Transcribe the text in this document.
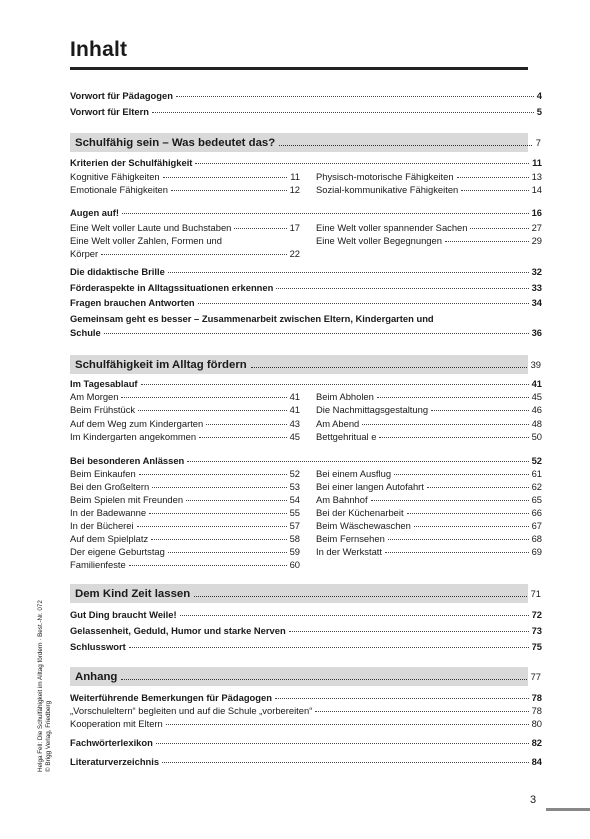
Inhalt
Vorwort für Pädagogen	4
Vorwort für Eltern	5
Schulfähig sein – Was bedeutet das?	7
Kriterien der Schulfähigkeit	11
Kognitive Fähigkeiten	11
Emotionale Fähigkeiten	12
Physisch-motorische Fähigkeiten	13
Sozial-kommunikative Fähigkeiten	14
Augen auf!	16
Eine Welt voller Laute und Buchstaben	17
Eine Welt voller Zahlen, Formen und
Körper	22
Eine Welt voller spannender Sachen	27
Eine Welt voller Begegnungen	29
Die didaktische Brille	32
Förderaspekte in Alltagssituationen erkennen	33
Fragen brauchen Antworten	34
Gemeinsam geht es besser – Zusammenarbeit zwischen Eltern, Kindergarten und
Schule	36
Schulfähigkeit im Alltag fördern	39
Im Tagesablauf	41
Am Morgen	41
Beim Frühstück	41
Auf dem Weg zum Kindergarten	43
Im Kindergarten angekommen	45
Beim Abholen	45
Die Nachmittagsgestaltung	46
Am Abend	48
Bettgehritual e	50
Bei besonderen Anlässen	52
Beim Einkaufen	52
Bei den Großeltern	53
Beim Spielen mit Freunden	54
In der Badewanne	55
In der Bücherei	57
Auf dem Spielplatz	58
Der eigene Geburtstag	59
Familienfeste	60
Bei einem Ausflug	61
Bei einer langen Autofahrt	62
Am Bahnhof	65
Bei der Küchenarbeit	66
Beim Wäschewaschen	67
Beim Fernsehen	68
In der Werkstatt	69
Dem Kind Zeit lassen	71
Gut Ding braucht Weile!	72
Gelassenheit, Geduld, Humor und starke Nerven	73
Schlusswort	75
Anhang	77
Weiterführende Bemerkungen für Pädagogen	78
„Vorschuleltern“ begleiten und auf die Schule „vorbereiten“	78
Kooperation mit Eltern	80
Fachwörterlexikon	82
Literaturverzeichnis	84
Helga Fell: Die Schulfähigkeit im Alltag fördern · Best.-Nr. 072 © Brigg Verlag, Friedberg
3
